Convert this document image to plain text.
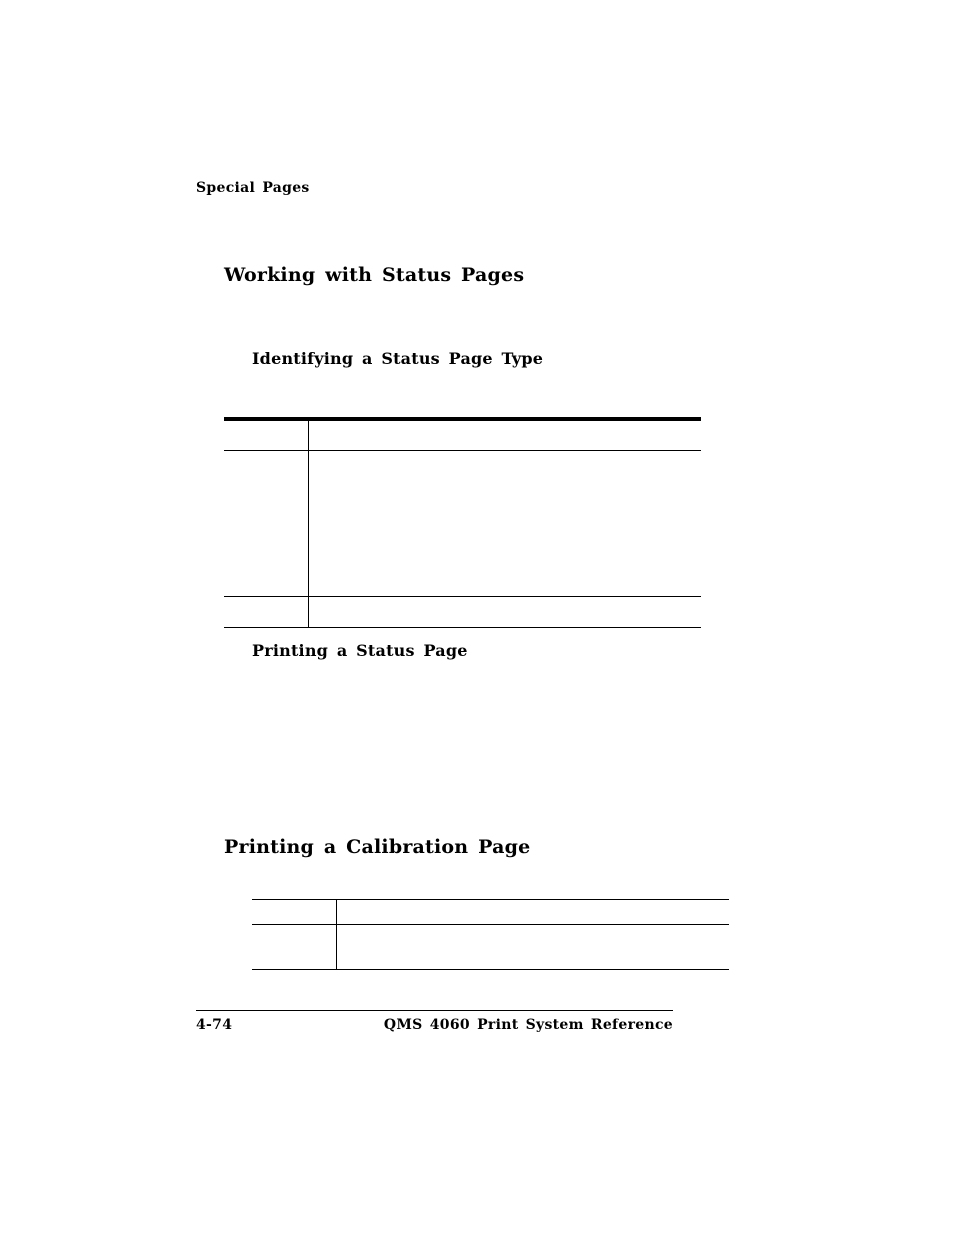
Special Pages
Working with Status Pages
Identifying a Status Page Type
Printing a Status Page
Printing a Calibration Page
4-74	QMS 4060 Print System Reference
